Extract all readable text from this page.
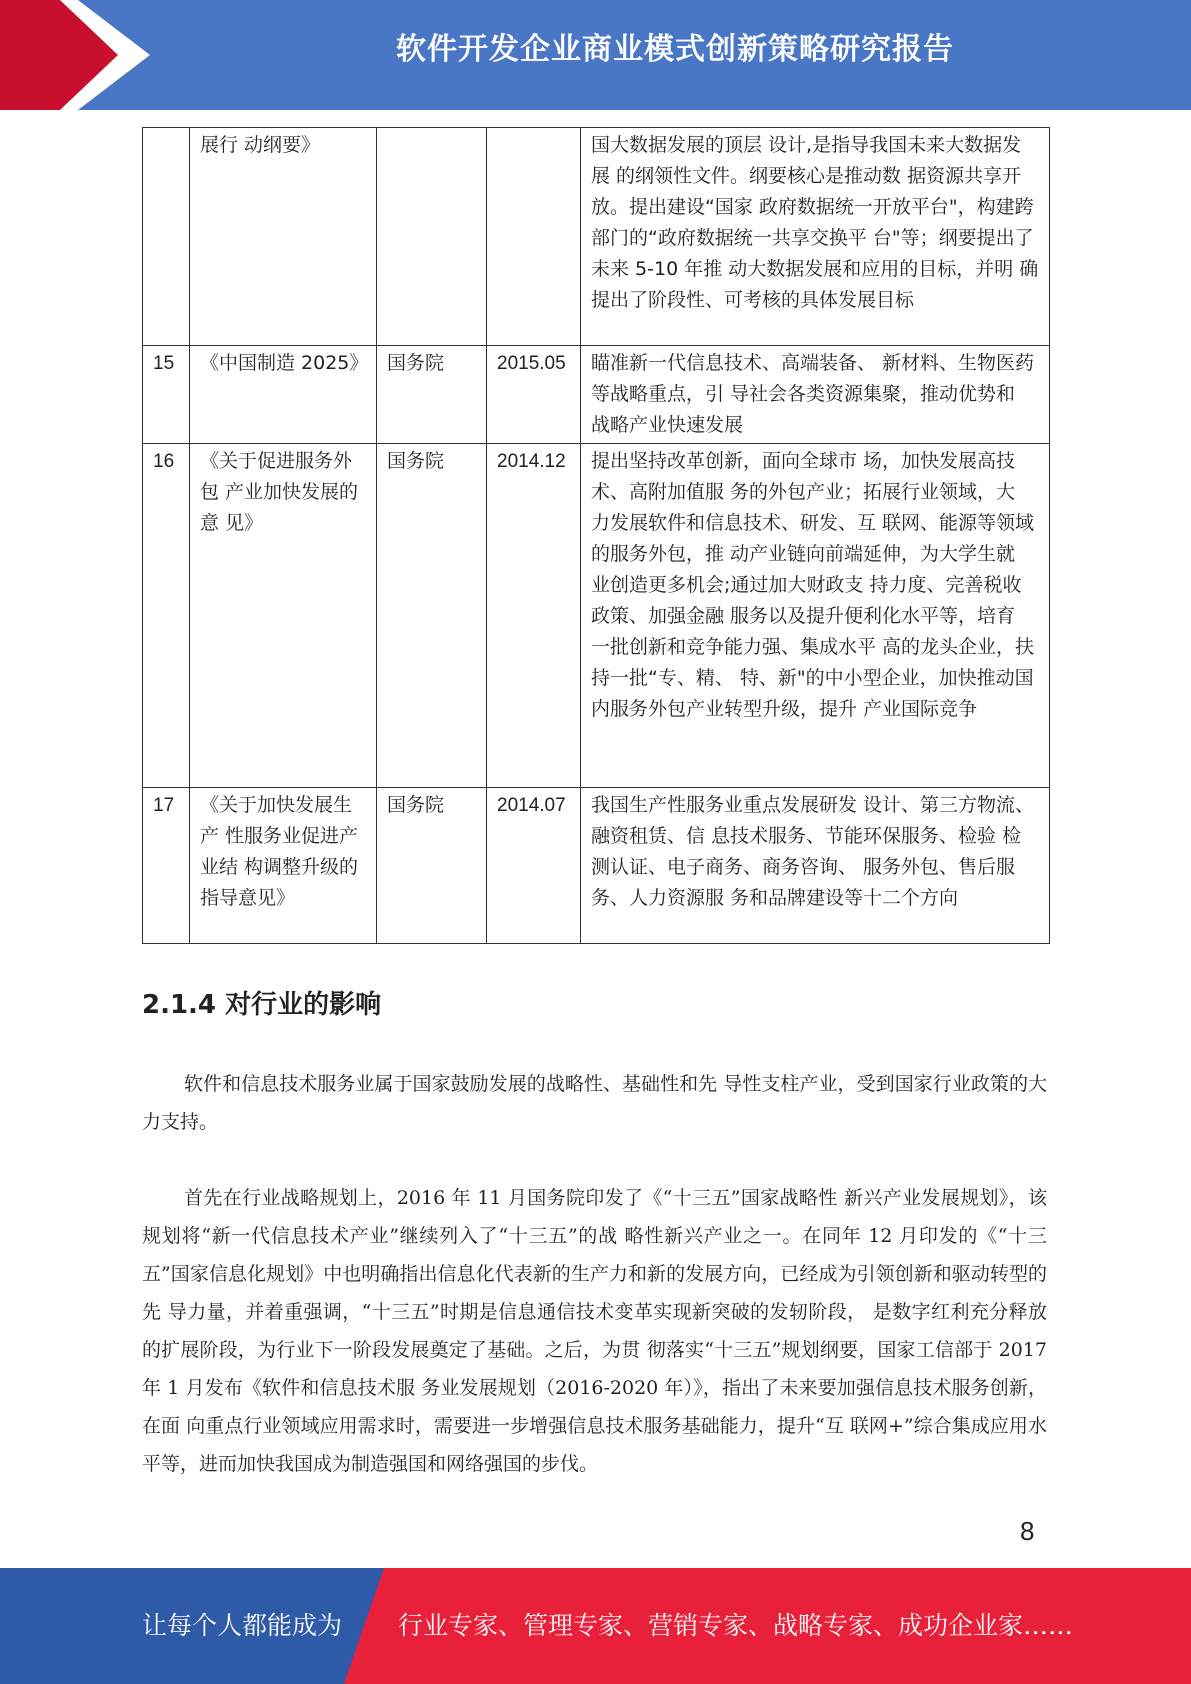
软件开发企业商业模式创新策略研究报告
	展行 动纲要》			国大数据发展的顶层 设计,是指导我国未来大数据发展 的纲领性文件。纲要核心是推动数 据资源共享开放。提出建设“国家 政府数据统一开放平台"，构建跨 部门的“政府数据统一共享交换平 台"等；纲要提出了未来 5-10 年推 动大数据发展和应用的目标，并明 确提出了阶段性、可考核的具体发展目标
15	《中国制造 2025》	国务院	2015.05	瞄准新一代信息技术、高端装备、 新材料、生物医药等战略重点，引 导社会各类资源集聚，推动优势和 战略产业快速发展
16	《关于促进服务外包 产业加快发展的意 见》	国务院	2014.12	提出坚持改革创新，面向全球市 场，加快发展高技术、高附加值服 务的外包产业；拓展行业领域，大 力发展软件和信息技术、研发、互 联网、能源等领域的服务外包，推 动产业链向前端延伸，为大学生就 业创造更多机会;通过加大财政支 持力度、完善税收政策、加强金融 服务以及提升便利化水平等，培育 一批创新和竞争能力强、集成水平 高的龙头企业，扶持一批“专、精、 特、新"的中小型企业，加快推动国内服务外包产业转型升级，提升 产业国际竞争
17	《关于加快发展生产 性服务业促进产业结 构调整升级的指导意见》	国务院	2014.07	我国生产性服务业重点发展研发 设计、第三方物流、融资租赁、信 息技术服务、节能环保服务、检验 检测认证、电子商务、商务咨询、 服务外包、售后服务、人力资源服 务和品牌建设等十二个方向
2.1.4 对行业的影响
软件和信息技术服务业属于国家鼓励发展的战略性、基础性和先 导性支柱产业，受到国家行业政策的大力支持。
首先在行业战略规划上，2016 年 11 月国务院印发了《“十三五”国家战略性 新兴产业发展规划》，该规划将“新一代信息技术产业”继续列入了“十三五”的战 略性新兴产业之一。在同年 12 月印发的《“十三五”国家信息化规划》中也明确指出信息化代表新的生产力和新的发展方向，已经成为引领创新和驱动转型的先 导力量，并着重强调，“十三五”时期是信息通信技术变革实现新突破的发轫阶段， 是数字红利充分释放的扩展阶段，为行业下一阶段发展奠定了基础。之后，为贯 彻落实“十三五”规划纲要，国家工信部于 2017 年 1 月发布《软件和信息技术服 务业发展规划（2016-2020 年）》，指出了未来要加强信息技术服务创新，在面 向重点行业领域应用需求时，需要进一步增强信息技术服务基础能力，提升“互 联网+”综合集成应用水平等，进而加快我国成为制造强国和网络强国的步伐。
8
让每个人都能成为 行业专家、管理专家、营销专家、战略专家、成功企业家……
